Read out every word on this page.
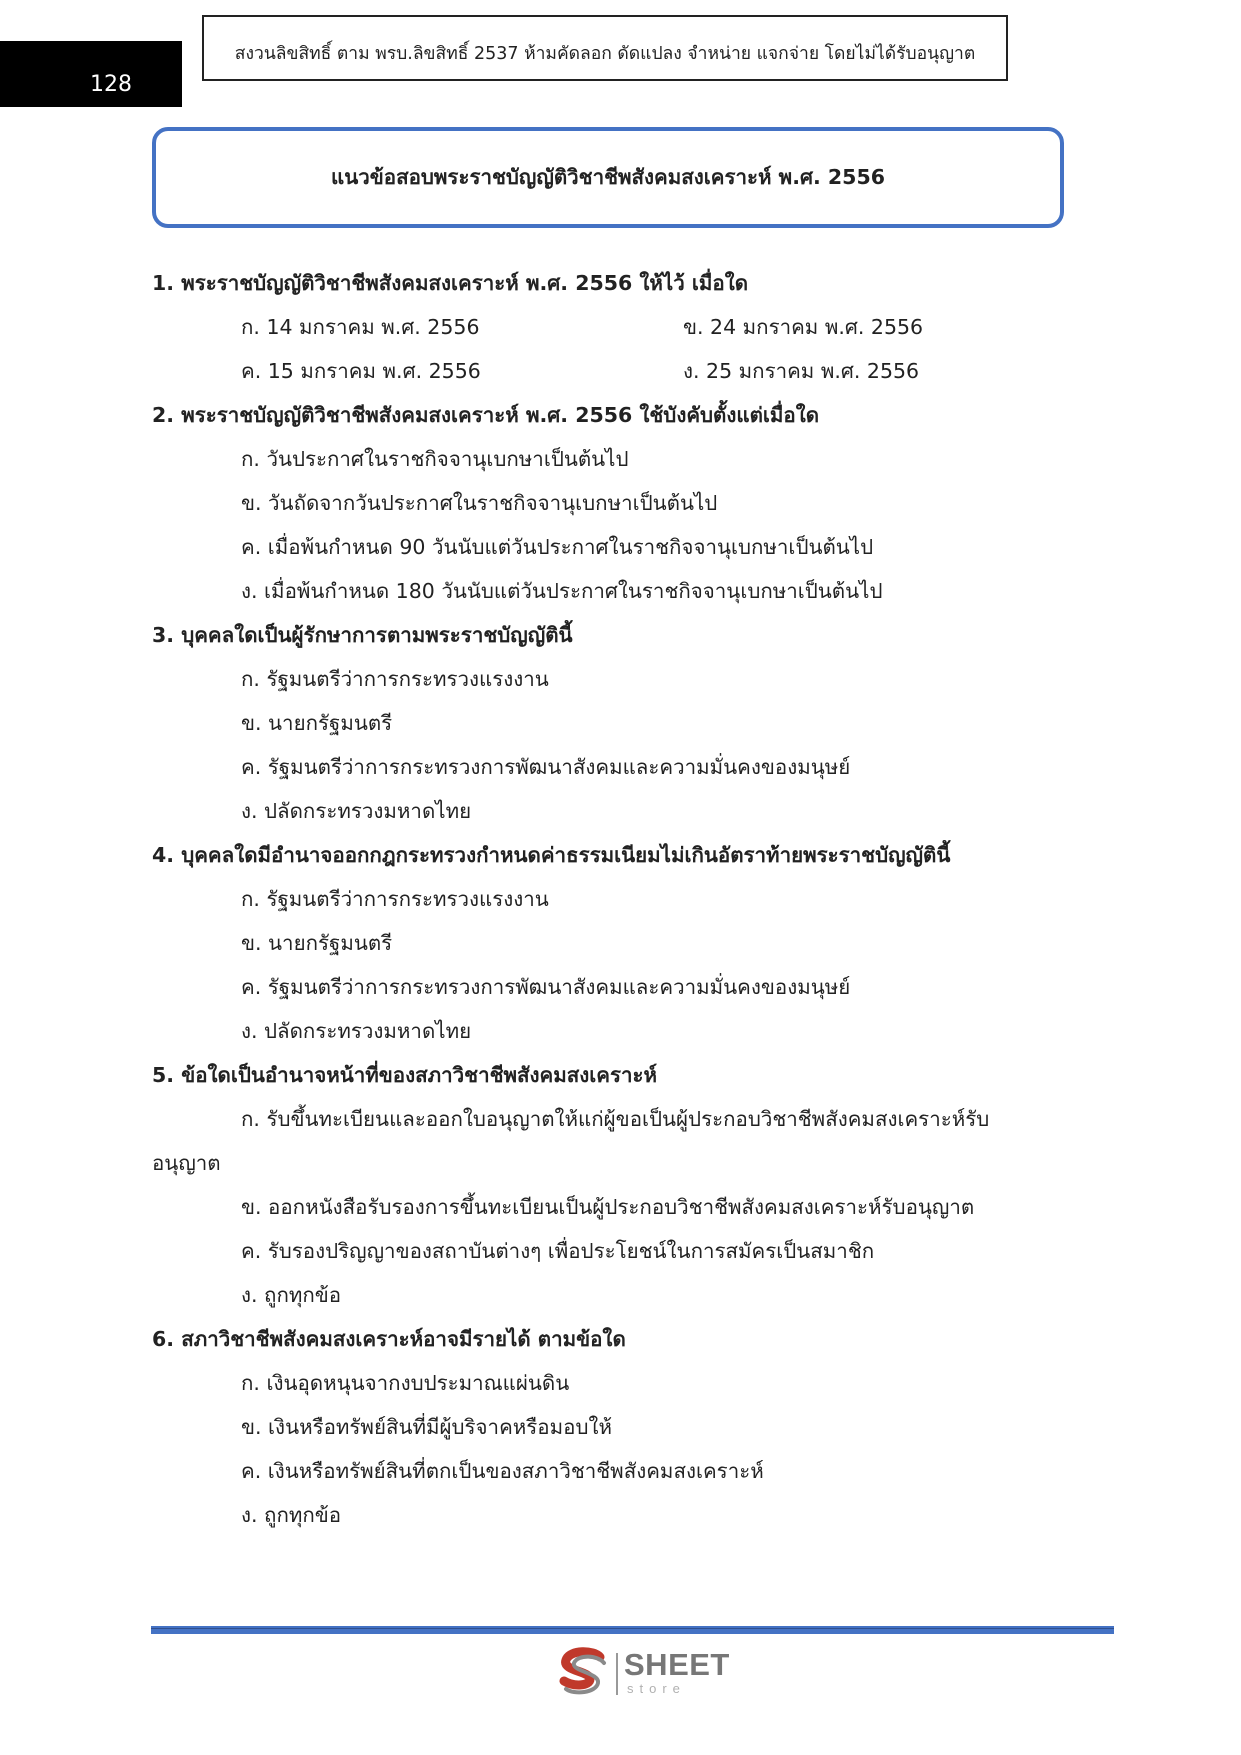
128
สงวนลิขสิทธิ์ ตาม พรบ.ลิขสิทธิ์ 2537 ห้ามคัดลอก ดัดแปลง จำหน่าย แจกจ่าย โดยไม่ได้รับอนุญาต
แนวข้อสอบพระราชบัญญัติวิชาชีพสังคมสงเคราะห์ พ.ศ. 2556
1. พระราชบัญญัติวิชาชีพสังคมสงเคราะห์ พ.ศ. 2556 ให้ไว้ เมื่อใด
ก. 14 มกราคม พ.ศ. 2556	ข. 24 มกราคม พ.ศ. 2556
ค. 15 มกราคม พ.ศ. 2556	ง. 25 มกราคม พ.ศ. 2556
2. พระราชบัญญัติวิชาชีพสังคมสงเคราะห์ พ.ศ. 2556 ใช้บังคับตั้งแต่เมื่อใด
ก. วันประกาศในราชกิจจานุเบกษาเป็นต้นไป
ข. วันถัดจากวันประกาศในราชกิจจานุเบกษาเป็นต้นไป
ค. เมื่อพ้นกำหนด 90 วันนับแต่วันประกาศในราชกิจจานุเบกษาเป็นต้นไป
ง. เมื่อพ้นกำหนด 180 วันนับแต่วันประกาศในราชกิจจานุเบกษาเป็นต้นไป
3. บุคคลใดเป็นผู้รักษาการตามพระราชบัญญัตินี้
ก. รัฐมนตรีว่าการกระทรวงแรงงาน
ข. นายกรัฐมนตรี
ค. รัฐมนตรีว่าการกระทรวงการพัฒนาสังคมและความมั่นคงของมนุษย์
ง. ปลัดกระทรวงมหาดไทย
4. บุคคลใดมีอำนาจออกกฎกระทรวงกำหนดค่าธรรมเนียมไม่เกินอัตราท้ายพระราชบัญญัตินี้
ก. รัฐมนตรีว่าการกระทรวงแรงงาน
ข. นายกรัฐมนตรี
ค. รัฐมนตรีว่าการกระทรวงการพัฒนาสังคมและความมั่นคงของมนุษย์
ง. ปลัดกระทรวงมหาดไทย
5. ข้อใดเป็นอำนาจหน้าที่ของสภาวิชาชีพสังคมสงเคราะห์
ก. รับขึ้นทะเบียนและออกใบอนุญาตให้แก่ผู้ขอเป็นผู้ประกอบวิชาชีพสังคมสงเคราะห์รับ
อนุญาต
ข. ออกหนังสือรับรองการขึ้นทะเบียนเป็นผู้ประกอบวิชาชีพสังคมสงเคราะห์รับอนุญาต
ค. รับรองปริญญาของสถาบันต่างๆ เพื่อประโยชน์ในการสมัครเป็นสมาชิก
ง. ถูกทุกข้อ
6. สภาวิชาชีพสังคมสงเคราะห์อาจมีรายได้ ตามข้อใด
ก. เงินอุดหนุนจากงบประมาณแผ่นดิน
ข. เงินหรือทรัพย์สินที่มีผู้บริจาคหรือมอบให้
ค. เงินหรือทรัพย์สินที่ตกเป็นของสภาวิชาชีพสังคมสงเคราะห์
ง. ถูกทุกข้อ
SHEET
store
